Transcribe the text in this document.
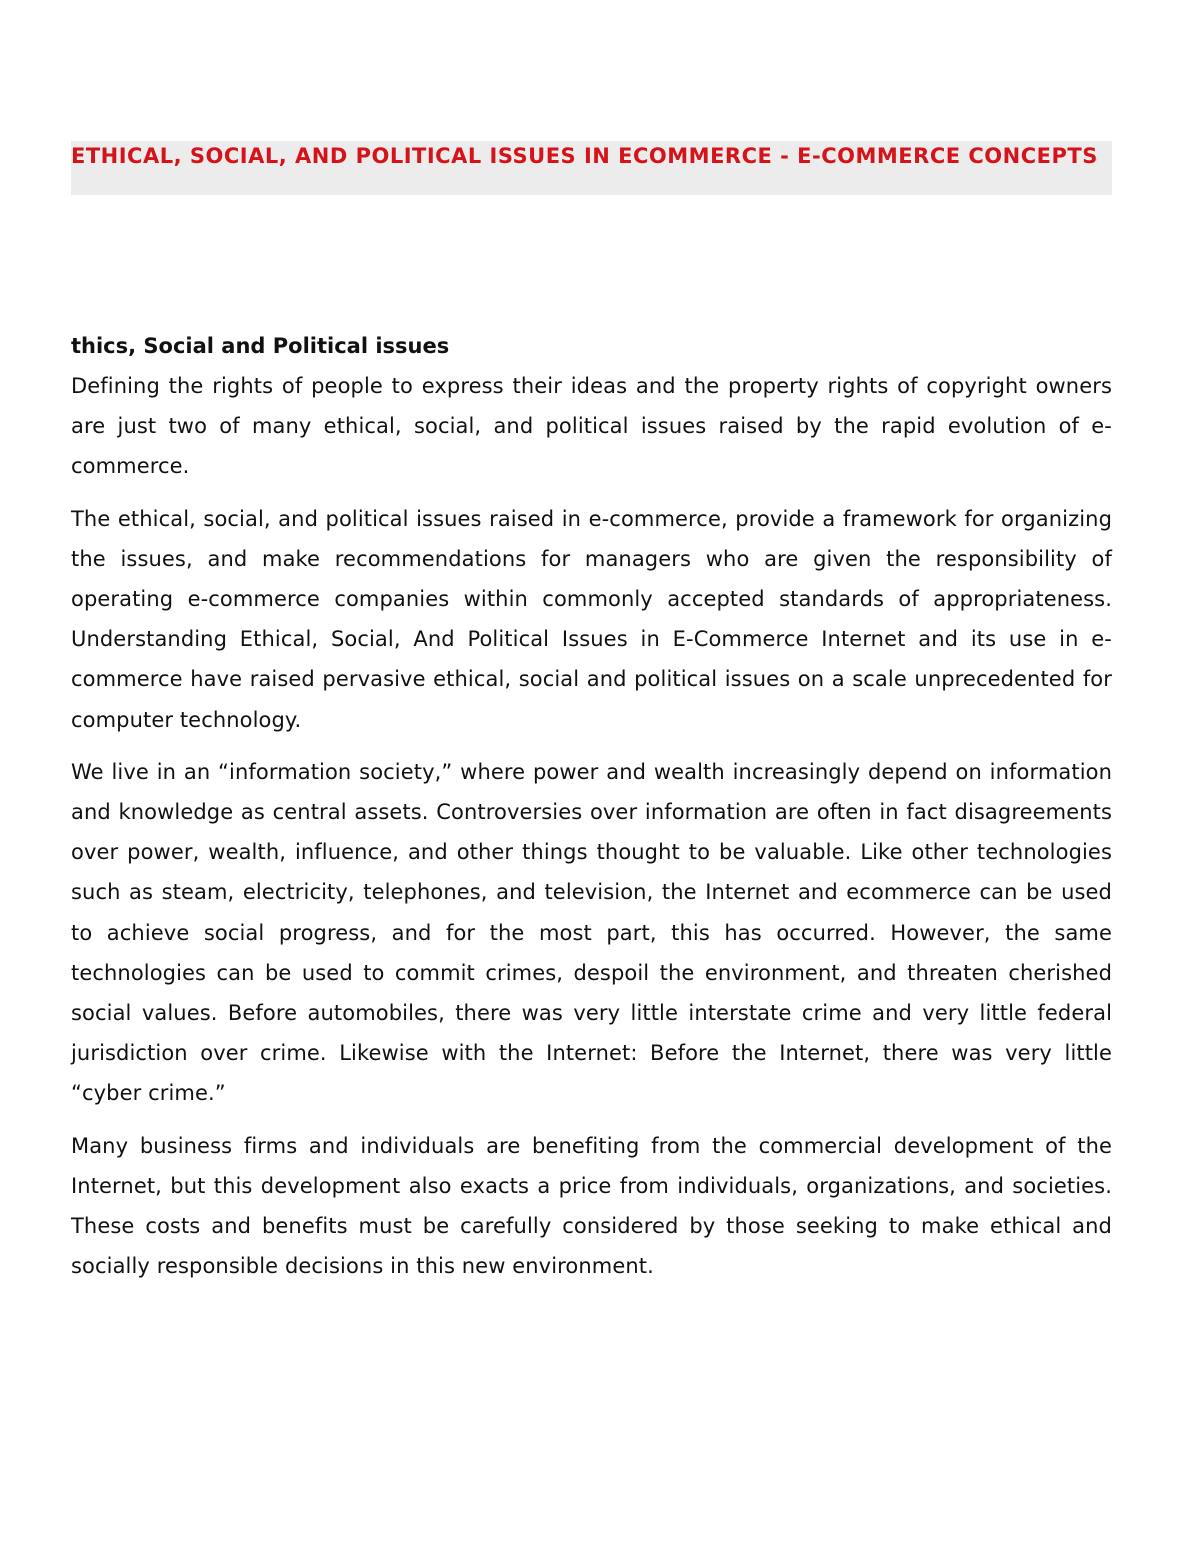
ETHICAL, SOCIAL, AND POLITICAL ISSUES IN ECOMMERCE - E-COMMERCE CONCEPTS
thics, Social and Political issues

Defining the rights of people to express their ideas and the property rights of copyright owners are just two of many ethical, social, and political issues raised by the rapid evolution of e-commerce.

The ethical, social, and political issues raised in e-commerce, provide a framework for organizing the issues, and make recommendations for managers who are given the responsibility of operating e-commerce companies within commonly accepted standards of appropriateness. Understanding Ethical, Social, And Political Issues in E-Commerce Internet and its use in e-commerce have raised pervasive ethical, social and political issues on a scale unprecedented for computer technology.

We live in an “information society,” where power and wealth increasingly depend on information and knowledge as central assets. Controversies over information are often in fact disagreements over power, wealth, influence, and other things thought to be valuable. Like other technologies such as steam, electricity, telephones, and television, the Internet and ecommerce can be used to achieve social progress, and for the most part, this has occurred. However, the same technologies can be used to commit crimes, despoil the environment, and threaten cherished social values. Before automobiles, there was very little interstate crime and very little federal jurisdiction over crime. Likewise with the Internet: Before the Internet, there was very little “cyber crime.”

Many business firms and individuals are benefiting from the commercial development of the Internet, but this development also exacts a price from individuals, organizations, and societies. These costs and benefits must be carefully considered by those seeking to make ethical and socially responsible decisions in this new environment.
